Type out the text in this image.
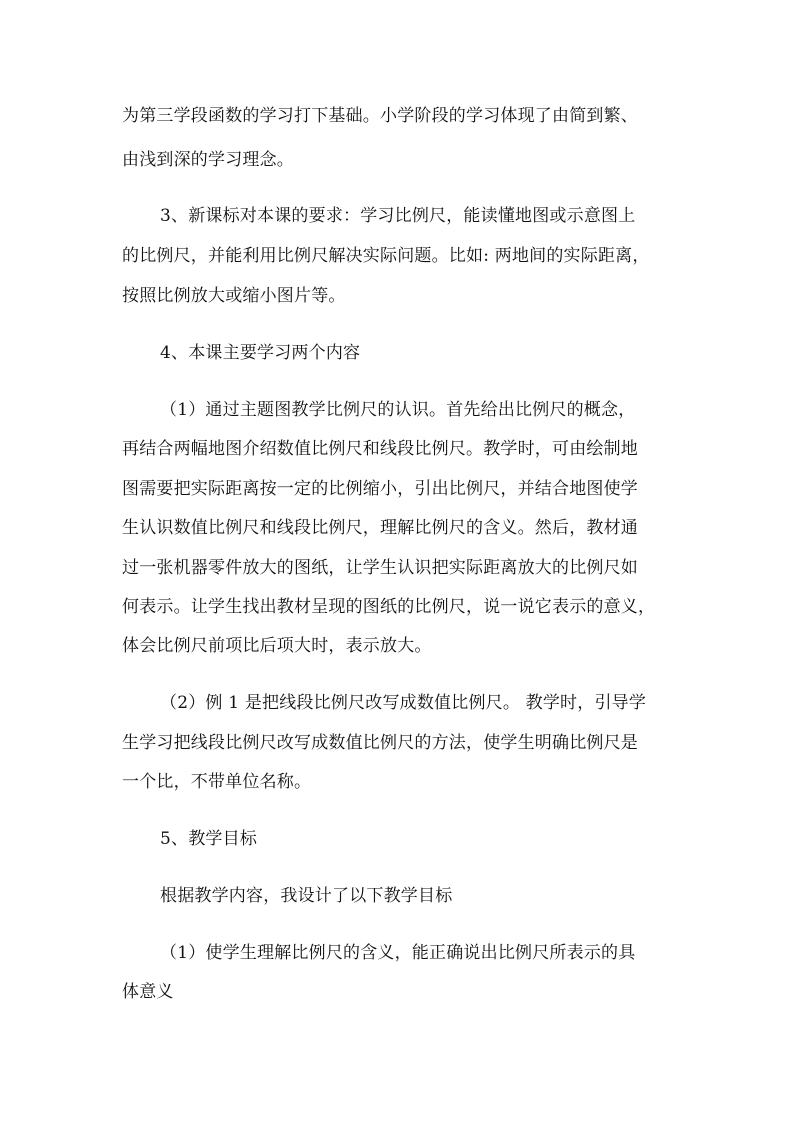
为第三学段函数的学习打下基础。小学阶段的学习体现了由简到繁、
由浅到深的学习理念。
3、新课标对本课的要求：学习比例尺，能读懂地图或示意图上
的比例尺，并能利用比例尺解决实际问题。比如: 两地间的实际距离，
按照比例放大或缩小图片等。
4、本课主要学习两个内容
（1）通过主题图教学比例尺的认识。首先给出比例尺的概念，
再结合两幅地图介绍数值比例尺和线段比例尺。教学时，可由绘制地
图需要把实际距离按一定的比例缩小，引出比例尺，并结合地图使学
生认识数值比例尺和线段比例尺，理解比例尺的含义。然后，教材通
过一张机器零件放大的图纸，让学生认识把实际距离放大的比例尺如
何表示。让学生找出教材呈现的图纸的比例尺，说一说它表示的意义，
体会比例尺前项比后项大时，表示放大。
（2）例 1 是把线段比例尺改写成数值比例尺。 教学时，引导学
生学习把线段比例尺改写成数值比例尺的方法，使学生明确比例尺是
一个比，不带单位名称。
5、教学目标
根据教学内容，我设计了以下教学目标
（1）使学生理解比例尺的含义，能正确说出比例尺所表示的具
体意义
